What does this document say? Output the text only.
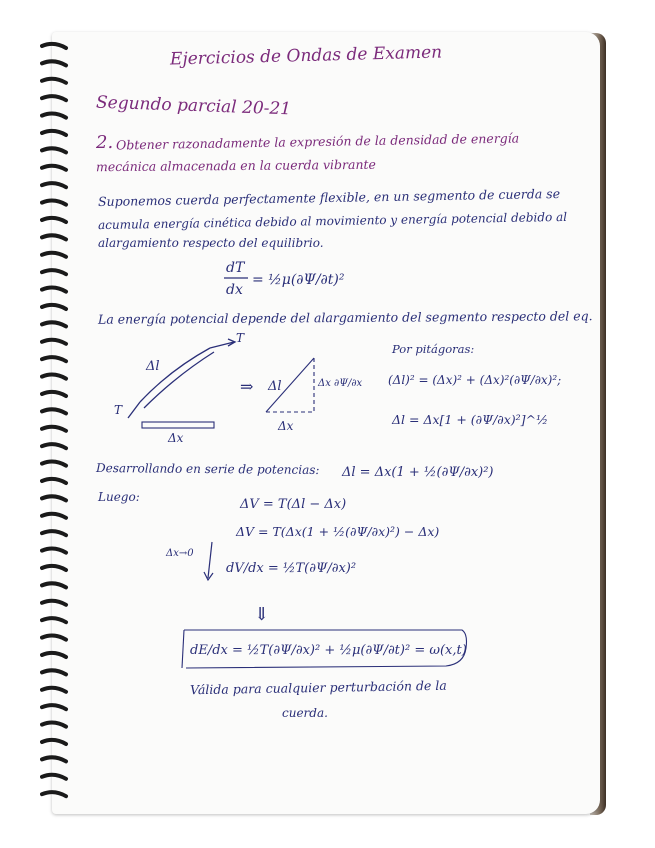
Ejercicios de Ondas de Examen
Segundo parcial 20-21
2. Obtener razonadamente la expresión de la densidad de energía
mecánica almacenada en la cuerda vibrante
Suponemos cuerda perfectamente flexible, en un segmento de cuerda se
acumula energía cinética debido al movimiento y energía potencial debido al
alargamiento respecto del equilibrio.
dT
dx
= ½μ(∂Ψ/∂t)²
La energía potencial depende del alargamiento del segmento respecto del eq.
T
T
Δl
Δx
⇒ Δl	Δx ∂Ψ/∂x
Δx
Por pitágoras:
(Δl)² = (Δx)² + (Δx)²(∂Ψ/∂x)²;
Δl = Δx[1 + (∂Ψ/∂x)²]^½
Desarrollando en serie de potencias: Δl = Δx(1 + ½(∂Ψ/∂x)²)
Luego:	ΔV = T(Δl − Δx)
ΔV = T(Δx(1 + ½(∂Ψ/∂x)²) − Δx)
Δx→0
dV/dx = ½T(∂Ψ/∂x)²
⇓
dE/dx = ½T(∂Ψ/∂x)² + ½μ(∂Ψ/∂t)² = ω(x,t)
Válida para cualquier perturbación de la
cuerda.
